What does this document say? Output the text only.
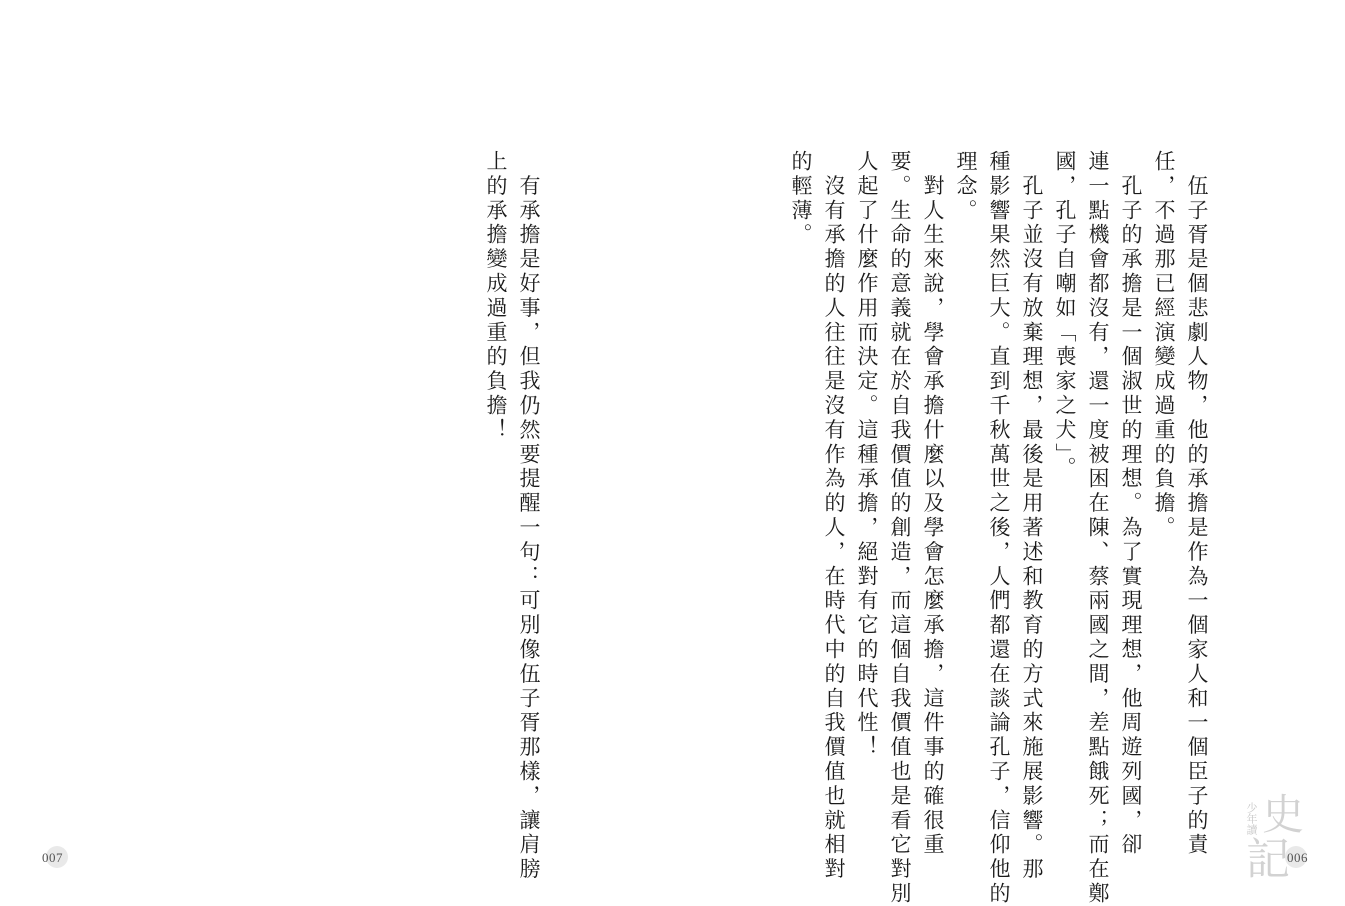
　伍子胥是個悲劇人物，他的承擔是作為一個家人和一個臣子的責
任，不過那已經演變成過重的負擔。
　孔子的承擔是一個淑世的理想。為了實現理想，他周遊列國，卻
連一點機會都沒有，還一度被困在陳、蔡兩國之間，差點餓死；而在鄭
國，孔子自嘲如「喪家之犬」。
　孔子並沒有放棄理想，最後是用著述和教育的方式來施展影響。那
種影響果然巨大。直到千秋萬世之後，人們都還在談論孔子，信仰他的
理念。
　對人生來說，學會承擔什麼以及學會怎麼承擔，這件事的確很重
要。生命的意義就在於自我價值的創造，而這個自我價值也是看它對別
人起了什麼作用而決定。這種承擔，絕對有它的時代性！
　沒有承擔的人往往是沒有作為的人，在時代中的自我價值也就相對
的輕薄。
　有承擔是好事，但我仍然要提醒一句：可別像伍子胥那樣，讓肩膀
上的承擔變成過重的負擔！
007	006
少年讀 史
記
